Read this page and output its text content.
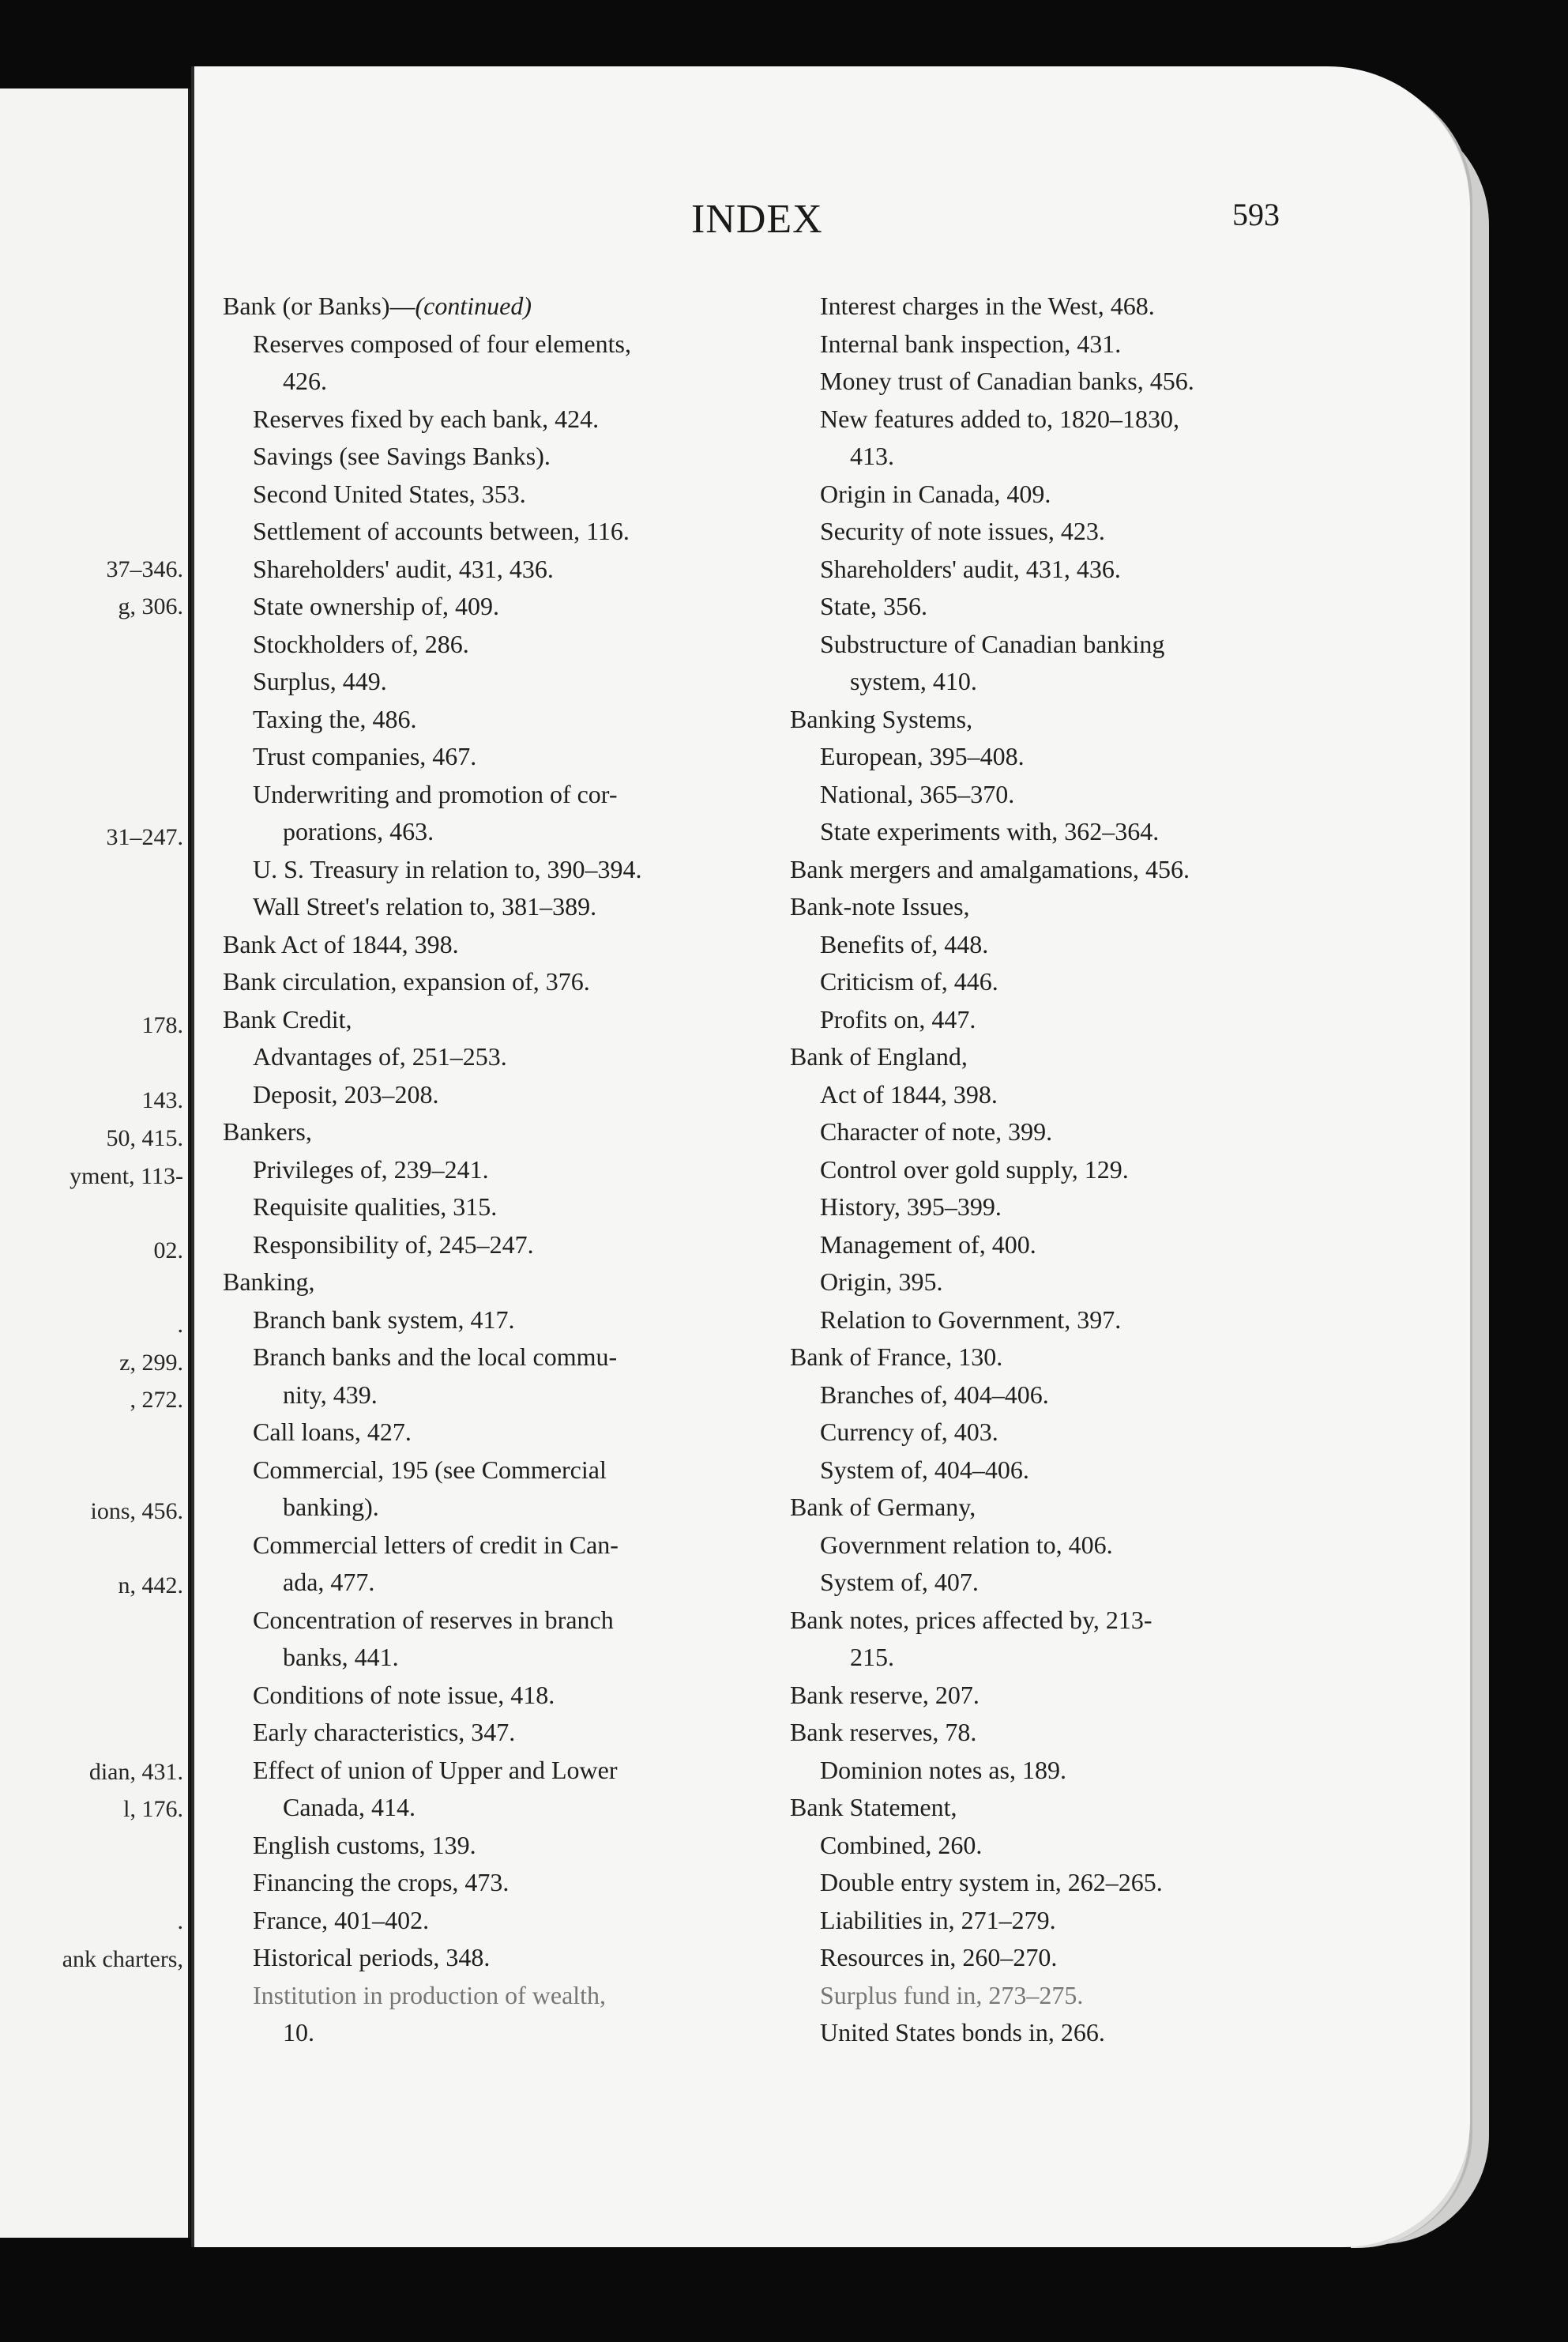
37–346.
g, 306.
31–247.
178.
143.
50, 415.
yment, 113-
02.
.
z, 299.
, 272.
ions, 456.
n, 442.
dian, 431.
l, 176.
.
ank charters,
INDEX	593
Bank (or Banks)—(continued)
Reserves composed of four elements,
426.
Reserves fixed by each bank, 424.
Savings (see Savings Banks).
Second United States, 353.
Settlement of accounts between, 116.
Shareholders' audit, 431, 436.
State ownership of, 409.
Stockholders of, 286.
Surplus, 449.
Taxing the, 486.
Trust companies, 467.
Underwriting and promotion of cor-
porations, 463.
U. S. Treasury in relation to, 390–394.
Wall Street's relation to, 381–389.
Bank Act of 1844, 398.
Bank circulation, expansion of, 376.
Bank Credit,
Advantages of, 251–253.
Deposit, 203–208.
Bankers,
Privileges of, 239–241.
Requisite qualities, 315.
Responsibility of, 245–247.
Banking,
Branch bank system, 417.
Branch banks and the local commu-
nity, 439.
Call loans, 427.
Commercial, 195 (see Commercial
banking).
Commercial letters of credit in Can-
ada, 477.
Concentration of reserves in branch
banks, 441.
Conditions of note issue, 418.
Early characteristics, 347.
Effect of union of Upper and Lower
Canada, 414.
English customs, 139.
Financing the crops, 473.
France, 401–402.
Historical periods, 348.
Institution in production of wealth,
10.
Interest charges in the West, 468.
Internal bank inspection, 431.
Money trust of Canadian banks, 456.
New features added to, 1820–1830,
413.
Origin in Canada, 409.
Security of note issues, 423.
Shareholders' audit, 431, 436.
State, 356.
Substructure of Canadian banking
system, 410.
Banking Systems,
European, 395–408.
National, 365–370.
State experiments with, 362–364.
Bank mergers and amalgamations, 456.
Bank-note Issues,
Benefits of, 448.
Criticism of, 446.
Profits on, 447.
Bank of England,
Act of 1844, 398.
Character of note, 399.
Control over gold supply, 129.
History, 395–399.
Management of, 400.
Origin, 395.
Relation to Government, 397.
Bank of France, 130.
Branches of, 404–406.
Currency of, 403.
System of, 404–406.
Bank of Germany,
Government relation to, 406.
System of, 407.
Bank notes, prices affected by, 213-
215.
Bank reserve, 207.
Bank reserves, 78.
Dominion notes as, 189.
Bank Statement,
Combined, 260.
Double entry system in, 262–265.
Liabilities in, 271–279.
Resources in, 260–270.
Surplus fund in, 273–275.
United States bonds in, 266.
